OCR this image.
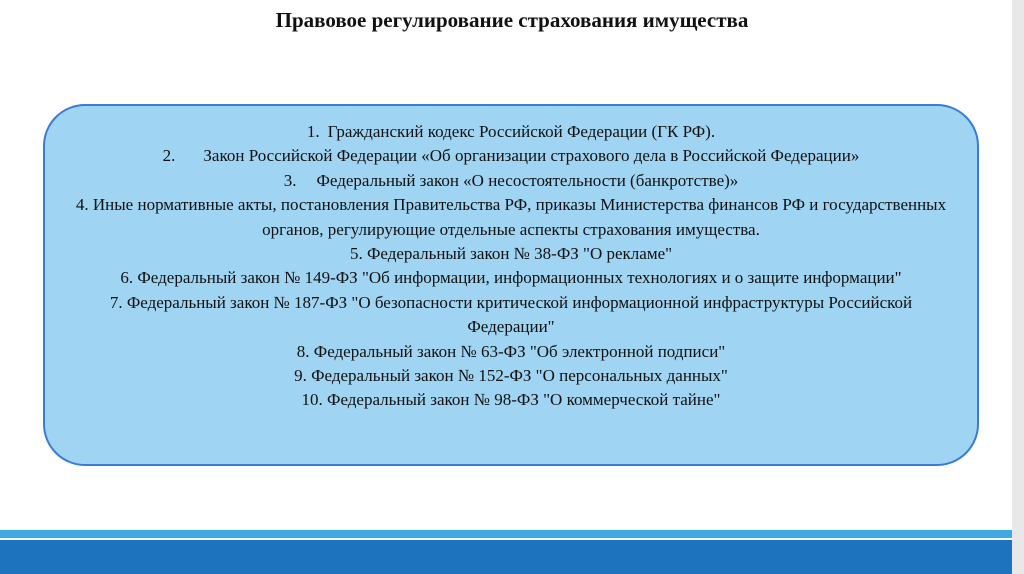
Правовое регулирование страхования имущества
1. Гражданский кодекс Российской Федерации (ГК РФ).
2. Закон Российской Федерации «Об организации страхового дела в Российской Федерации»
3. Федеральный закон «О несостоятельности (банкротстве)»
4. Иные нормативные акты, постановления Правительства РФ, приказы Министерства финансов РФ и государственных органов, регулирующие отдельные аспекты страхования имущества.
5. Федеральный закон № 38-ФЗ "О рекламе"
6. Федеральный закон № 149-ФЗ "Об информации, информационных технологиях и о защите информации"
7. Федеральный закон № 187-ФЗ "О безопасности критической информационной инфраструктуры Российской Федерации"
8. Федеральный закон № 63-ФЗ "Об электронной подписи"
9. Федеральный закон № 152-ФЗ "О персональных данных"
10. Федеральный закон № 98-ФЗ "О коммерческой тайне"
